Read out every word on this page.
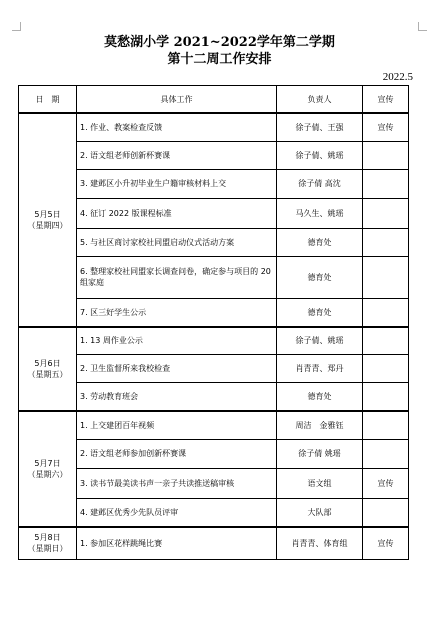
莫愁湖小学 2021~2022学年第二学期
第十二周工作安排
2022.5
日　期	具体工作	负责人	宣传

5月5日
（星期四）	1. 作业、教案检查反馈	徐子倩、王强	宣传
	2. 语文组老师创新杯赛课	徐子倩、姚瑶	
	3. 建邺区小升初毕业生户籍审核材料上交	徐子倩 高沈	
	4. 征订 2022 版课程标准	马久生、姚瑶	
	5. 与社区商讨家校社同盟启动仪式活动方案	德育处	
	6. 整理家校社同盟家长调查问卷，确定参与项目的 20 组家庭	德育处	
	7. 区三好学生公示	德育处	

5月6日
（星期五）	1. 13 周作业公示	徐子倩、姚瑶	
	2. 卫生监督所来我校检查	肖青青、郑丹	
	3. 劳动教育班会	德育处	

5月7日
（星期六）	1. 上交建团百年视频	周洁　金雅钰	
	2. 语文组老师参加创新杯赛课	徐子倩 姚瑶	
	3. 读书节最美读书声一亲子共读推送稿审核	语文组	宣传
	4. 建邺区优秀少先队员评审	大队部	

5月8日
（星期日）	1. 参加区花样跳绳比赛	肖青青、体育组	宣传
